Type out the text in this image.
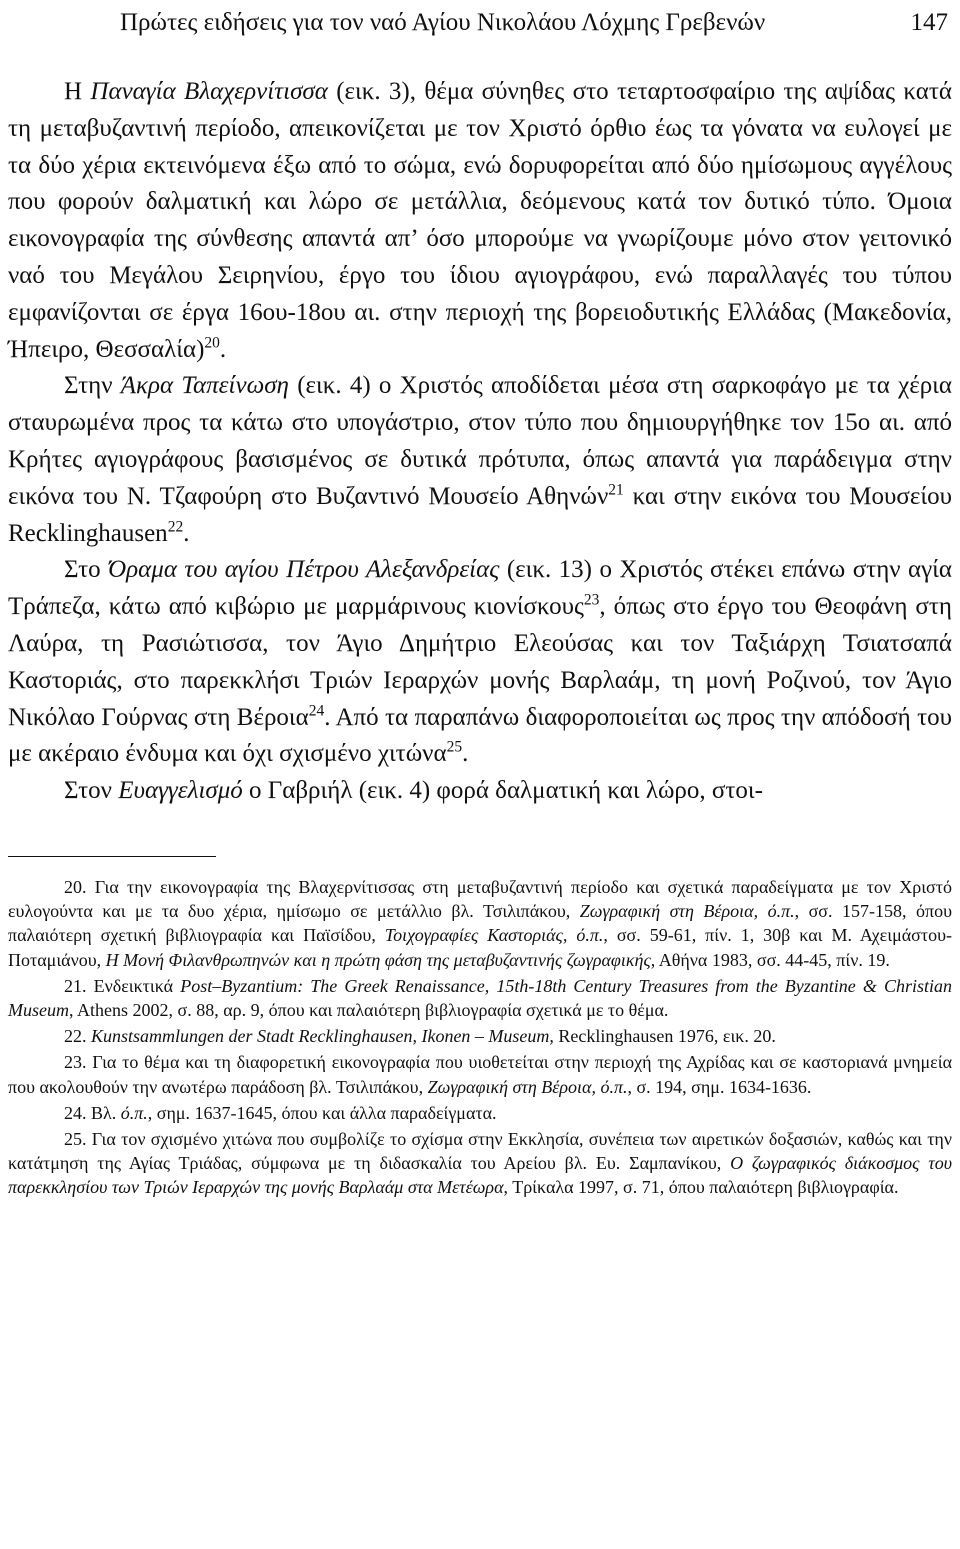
Πρώτες ειδήσεις για τον ναό Αγίου Νικολάου Λόχμης Γρεβενών	147

Η Παναγία Βλαχερνίτισσα (εικ. 3), θέμα σύνηθες στο τεταρτοσφαίριο της αψίδας κατά τη μεταβυζαντινή περίοδο, απεικονίζεται με τον Χριστό όρθιο έως τα γόνατα να ευλογεί με τα δύο χέρια εκτεινόμενα έξω από το σώμα, ενώ δορυφορείται από δύο ημίσωμους αγγέλους που φορούν δαλματική και λώρο σε μετάλλια, δεόμενους κατά τον δυτικό τύπο. Όμοια εικονογραφία της σύνθεσης απαντά απ’ όσο μπορούμε να γνωρίζουμε μόνο στον γειτονικό ναό του Μεγάλου Σειρηνίου, έργο του ίδιου αγιογράφου, ενώ παραλλαγές του τύπου εμφανίζονται σε έργα 16ου-18ου αι. στην περιοχή της βορειοδυτικής Ελλάδας (Μακεδονία, Ήπειρο, Θεσσαλία)$^{20}$.

Στην Άκρα Ταπείνωση (εικ. 4) ο Χριστός αποδίδεται μέσα στη σαρκοφάγο με τα χέρια σταυρωμένα προς τα κάτω στο υπογάστριο, στον τύπο που δημιουργήθηκε τον 15ο αι. από Κρήτες αγιογράφους βασισμένος σε δυτικά πρότυπα, όπως απαντά για παράδειγμα στην εικόνα του Ν. Τζαφούρη στο Βυζαντινό Μουσείο Αθηνών$^{21}$ και στην εικόνα του Μουσείου Recklinghausen$^{22}$.

Στο Όραμα του αγίου Πέτρου Αλεξανδρείας (εικ. 13) ο Χριστός στέκει επάνω στην αγία Τράπεζα, κάτω από κιβώριο με μαρμάρινους κιονίσκους$^{23}$, όπως στο έργο του Θεοφάνη στη Λαύρα, τη Ρασιώτισσα, τον Άγιο Δημήτριο Ελεούσας και τον Ταξιάρχη Τσιατσαπά Καστοριάς, στο παρεκκλήσι Τριών Ιεραρχών μονής Βαρλαάμ, τη μονή Ροζινού, τον Άγιο Νικόλαο Γούρνας στη Βέροια$^{24}$. Από τα παραπάνω διαφοροποιείται ως προς την απόδοσή του με ακέραιο ένδυμα και όχι σχισμένο χιτώνα$^{25}$.

Στον Ευαγγελισμό ο Γαβριήλ (εικ. 4) φορά δαλματική και λώρο, στοι-

20. Για την εικονογραφία της Βλαχερνίτισσας στη μεταβυζαντινή περίοδο και σχετικά παραδείγματα με τον Χριστό ευλογούντα και με τα δυο χέρια, ημίσωμο σε μετάλλιο βλ. Τσιλιπάκου, Ζωγραφική στη Βέροια, ό.π., σσ. 157-158, όπου παλαιότερη σχετική βιβλιογραφία και Παϊσίδου, Τοιχογραφίες Καστοριάς, ό.π., σσ. 59-61, πίν. 1, 30β και Μ. Αχειμάστου-Ποταμιάνου, Η Μονή Φιλανθρωπηνών και η πρώτη φάση της μεταβυζαντινής ζωγραφικής, Αθήνα 1983, σσ. 44-45, πίν. 19.

21. Ενδεικτικά Post–Byzantium: The Greek Renaissance, 15th-18th Century Treasures from the Byzantine & Christian Museum, Athens 2002, σ. 88, αρ. 9, όπου και παλαιότερη βιβλιογραφία σχετικά με το θέμα.

22. Kunstsammlungen der Stadt Recklinghausen, Ikonen – Museum, Recklinghausen 1976, εικ. 20.

23. Για το θέμα και τη διαφορετική εικονογραφία που υιοθετείται στην περιοχή της Αχρίδας και σε καστοριανά μνημεία που ακολουθούν την ανωτέρω παράδοση βλ. Τσιλιπάκου, Ζωγραφική στη Βέροια, ό.π., σ. 194, σημ. 1634-1636.

24. Βλ. ό.π., σημ. 1637-1645, όπου και άλλα παραδείγματα.

25. Για τον σχισμένο χιτώνα που συμβολίζε το σχίσμα στην Εκκλησία, συνέπεια των αιρετικών δοξασιών, καθώς και την κατάτμηση της Αγίας Τριάδας, σύμφωνα με τη διδασκαλία του Αρείου βλ. Ευ. Σαμπανίκου, Ο ζωγραφικός διάκοσμος του παρεκκλησίου των Τριών Ιεραρχών της μονής Βαρλαάμ στα Μετέωρα, Τρίκαλα 1997, σ. 71, όπου παλαιότερη βιβλιογραφία.
